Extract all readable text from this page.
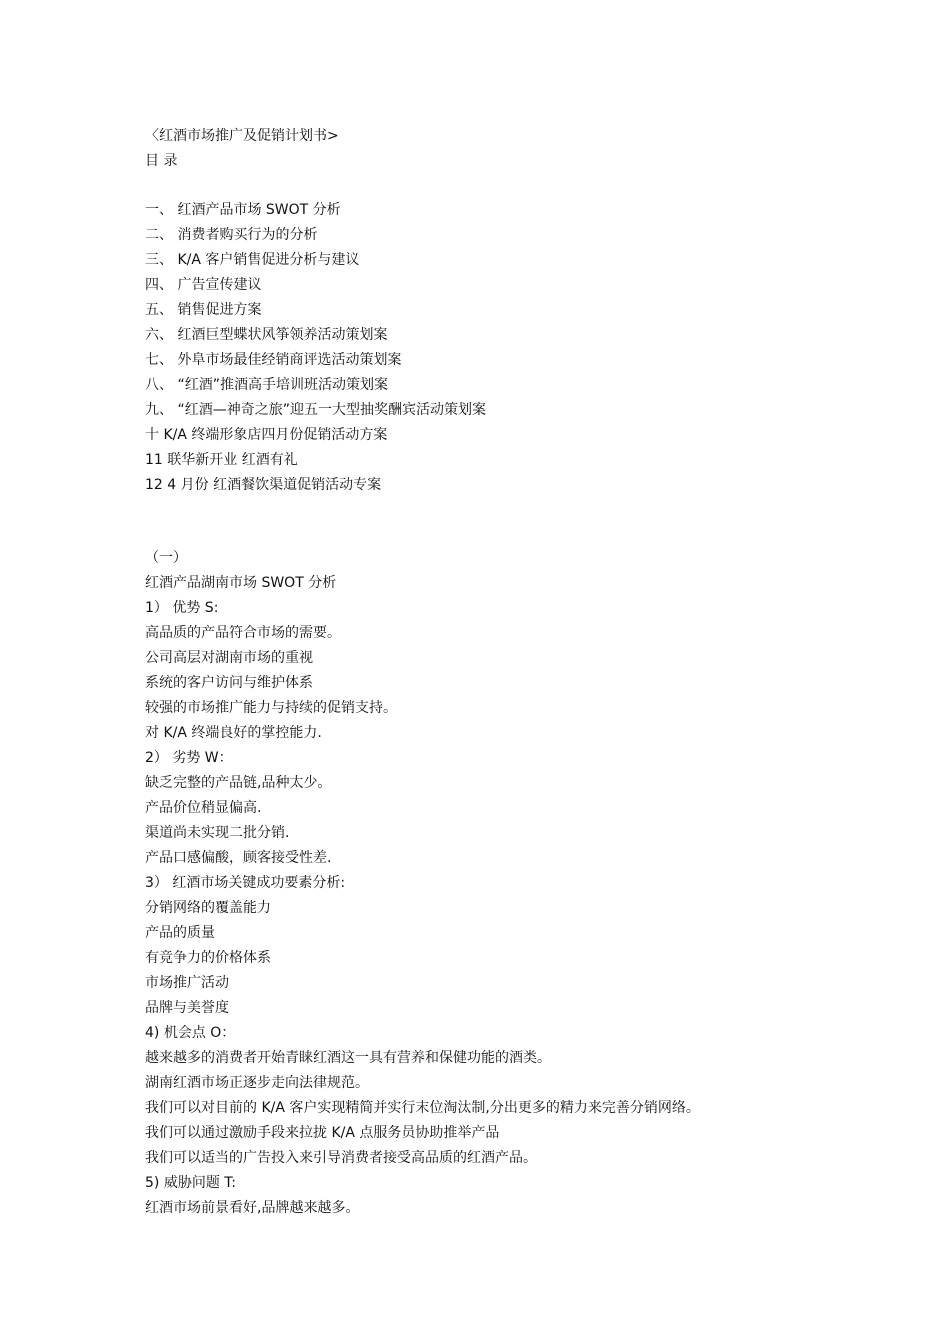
〈红酒市场推广及促销计划书>
目 录
一、 红酒产品市场 SWOT 分析
二、 消费者购买行为的分析
三、 K/A 客户销售促进分析与建议
四、 广告宣传建议
五、 销售促进方案
六、 红酒巨型蝶状风筝领养活动策划案
七、 外阜市场最佳经销商评选活动策划案
八、 “红酒”推酒高手培训班活动策划案
九、 “红酒—神奇之旅”迎五一大型抽奖酬宾活动策划案
十 K/A 终端形象店四月份促销活动方案
11 联华新开业 红酒有礼
12 4 月份 红酒餐饮渠道促销活动专案
（一）
红酒产品湖南市场 SWOT 分析
1） 优势 S:
高品质的产品符合市场的需要。
公司高层对湖南市场的重视
系统的客户访问与维护体系
较强的市场推广能力与持续的促销支持。
对 K/A 终端良好的掌控能力.
2） 劣势 W：
缺乏完整的产品链,品种太少。
产品价位稍显偏高.
渠道尚未实现二批分销.
产品口感偏酸，顾客接受性差.
3） 红酒市场关键成功要素分析:
分销网络的覆盖能力
产品的质量
有竞争力的价格体系
市场推广活动
品牌与美誉度
4) 机会点 O：
越来越多的消费者开始青睐红酒这一具有营养和保健功能的酒类。
湖南红酒市场正逐步走向法律规范。
我们可以对目前的 K/A 客户实现精简并实行末位淘汰制,分出更多的精力来完善分销网络。
我们可以通过激励手段来拉拢 K/A 点服务员协助推举产品
我们可以适当的广告投入来引导消费者接受高品质的红酒产品。
5) 威胁问题 T:
红酒市场前景看好,品牌越来越多。
